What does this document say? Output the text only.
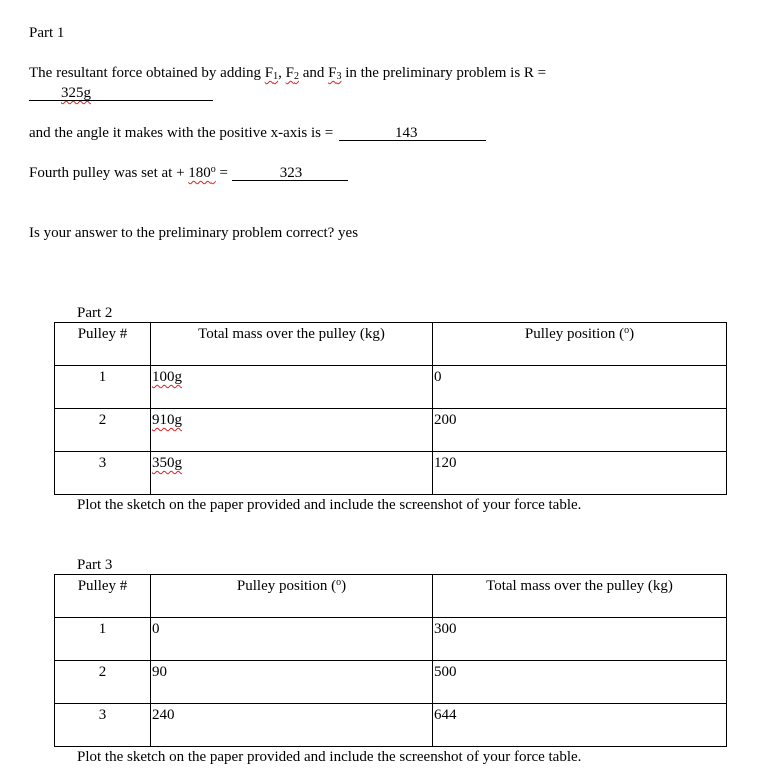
Part 1
The resultant force obtained by adding $F_1$, $F_2$ and $F_3$ in the preliminary problem is R =
325g
and the angle it makes with the positive x-axis is =	143
Fourth pulley was set at + $180^o$ =	323
Is your answer to the preliminary problem correct? yes
Part 2
Pulley #	Total mass over the pulley (kg)	Pulley position ($^o$)
1	100g	0
2	910g	200
3	350g	120
Plot the sketch on the paper provided and include the screenshot of your force table.
Part 3
Pulley #	Pulley position ($^o$)	Total mass over the pulley (kg)
1	0	300
2	90	500
3	240	644
Plot the sketch on the paper provided and include the screenshot of your force table.
